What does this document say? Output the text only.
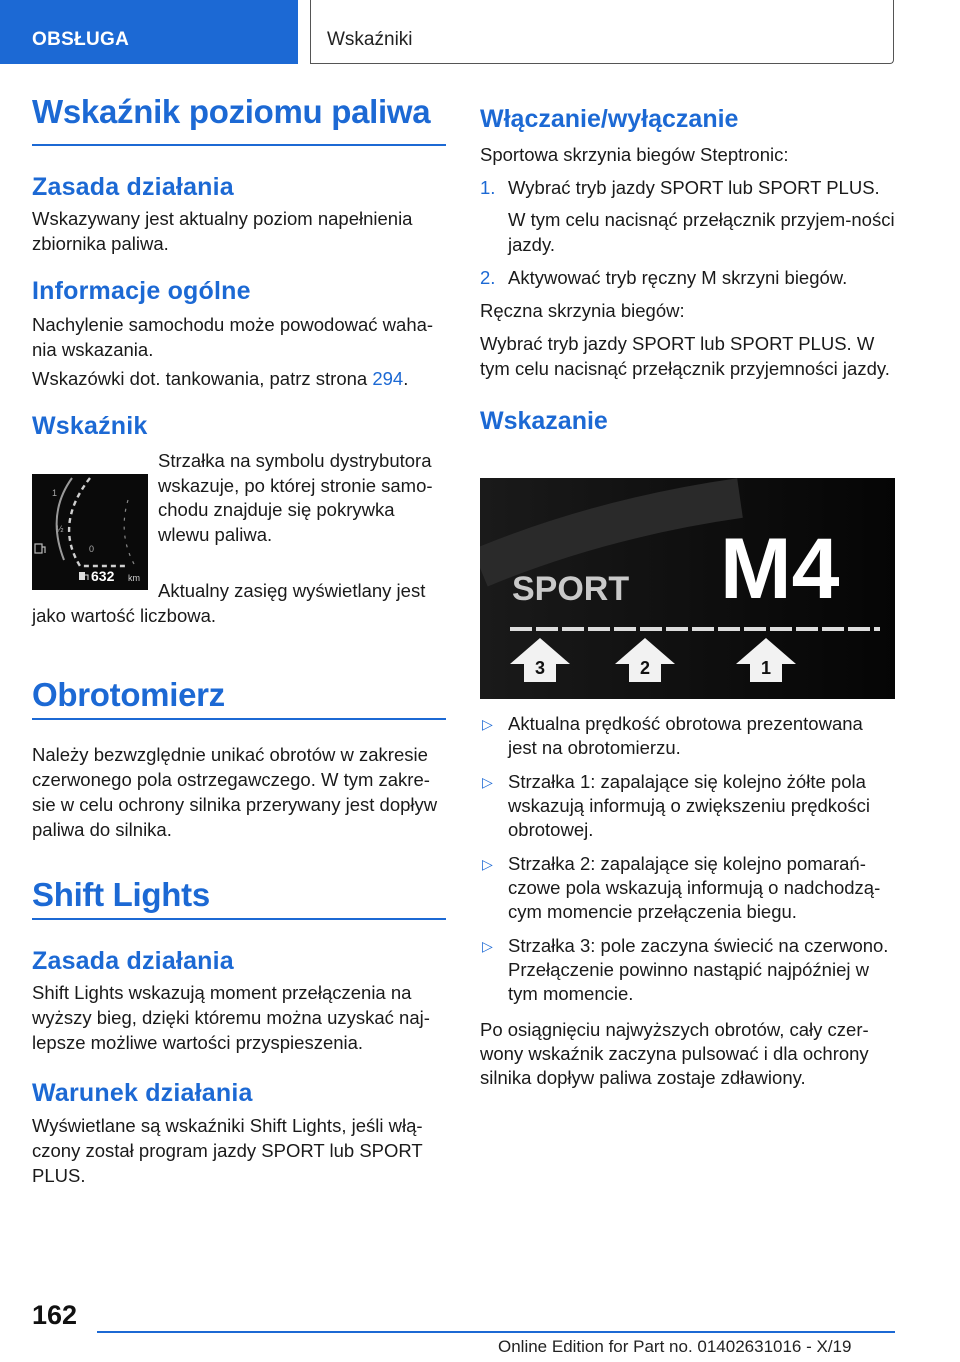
OBSŁUGA	Wskaźniki
Wskaźnik poziomu paliwa
Zasada działania

Wskazywany jest aktualny poziom napełnienia zbiornika paliwa.

Informacje ogólne

Nachylenie samochodu może powodować waha-nia wskazania.

Wskazówki dot. tankowania, patrz strona 294.

Wskaźnik

Strzałka na symbolu dystrybutora wskazuje, po której stronie samo-chodu znajduje się pokrywka wlewu paliwa.

Aktualny zasięg wyświetlany jest jako wartość liczbowa.

1
½
0
632 km
Obrotomierz

Należy bezwzględnie unikać obrotów w zakresie czerwonego pola ostrzegawczego. W tym zakre-sie w celu ochrony silnika przerywany jest dopływ paliwa do silnika.

Shift Lights
Zasada działania

Shift Lights wskazują moment przełączenia na wyższy bieg, dzięki któremu można uzyskać naj-lepsze możliwe wartości przyspieszenia.

Warunek działania

Wyświetlane są wskaźniki Shift Lights, jeśli włą-czony został program jazdy SPORT lub SPORT PLUS.

Włączanie/wyłączanie

Sportowa skrzynia biegów Steptronic:

1. Wybrać tryb jazdy SPORT lub SPORT PLUS.
W tym celu nacisnąć przełącznik przyjem-ności jazdy.
2. Aktywować tryb ręczny M skrzyni biegów.

Ręczna skrzynia biegów:

Wybrać tryb jazdy SPORT lub SPORT PLUS. W tym celu nacisnąć przełącznik przyjemności jazdy.

Wskazanie
SPORT M4
3	2	1
▷ Aktualna prędkość obrotowa prezentowana jest na obrotomierzu.
▷ Strzałka 1: zapalające się kolejno żółte pola wskazują informują o zwiększeniu prędkości obrotowej.
▷ Strzałka 2: zapalające się kolejno pomarań-czowe pola wskazują informują o nadchodzą-cym momencie przełączenia biegu.
▷ Strzałka 3: pole zaczyna świecić na czerwono. Przełączenie powinno nastąpić najpóźniej w tym momencie.

Po osiągnięciu najwyższych obrotów, cały czer-wony wskaźnik zaczyna pulsować i dla ochrony silnika dopływ paliwa zostaje zdławiony.

162
Online Edition for Part no. 01402631016 - X/19
